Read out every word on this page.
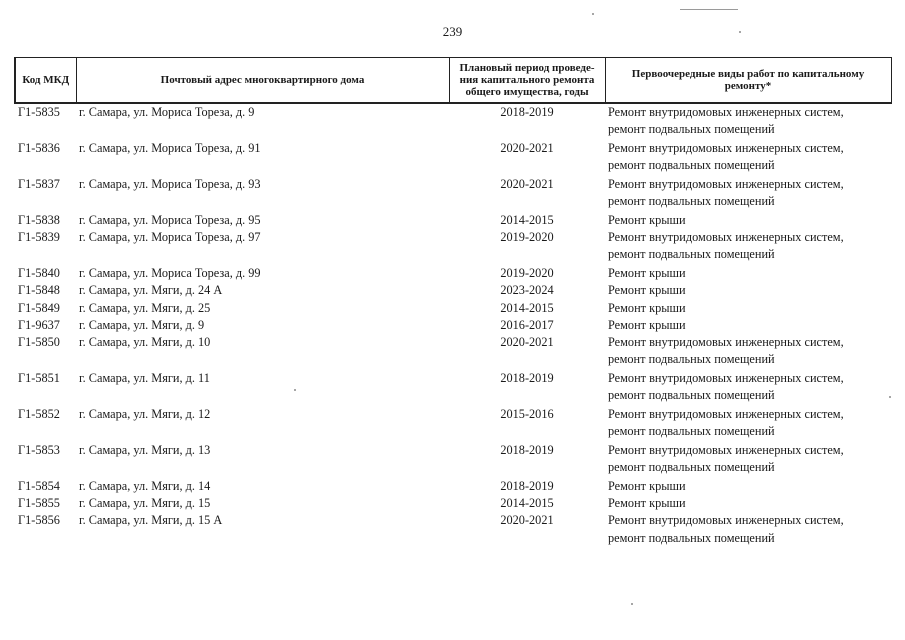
239
Код МКД	Почтовый адрес многоквартирного дома	Плановый период проведе-ния капитального ремонта общего имущества, годы	Первоочередные виды работ по капитальному ремонту*
Г1-5835	г. Самара, ул. Мориса Тореза, д. 9	2018-2019	Ремонт внутридомовых инженерных систем,
ремонт подвальных помещений

Г1-5836	г. Самара, ул. Мориса Тореза, д. 91	2020-2021	Ремонт внутридомовых инженерных систем,
ремонт подвальных помещений

Г1-5837	г. Самара, ул. Мориса Тореза, д. 93	2020-2021	Ремонт внутридомовых инженерных систем,
ремонт подвальных помещений

Г1-5838	г. Самара, ул. Мориса Тореза, д. 95	2014-2015	Ремонт крыши

Г1-5839	г. Самара, ул. Мориса Тореза, д. 97	2019-2020	Ремонт внутридомовых инженерных систем,
ремонт подвальных помещений

Г1-5840	г. Самара, ул. Мориса Тореза, д. 99	2019-2020	Ремонт крыши

Г1-5848	г. Самара, ул. Мяги, д. 24 А	2023-2024	Ремонт крыши

Г1-5849	г. Самара, ул. Мяги, д. 25	2014-2015	Ремонт крыши

Г1-9637	г. Самара, ул. Мяги, д. 9	2016-2017	Ремонт крыши

Г1-5850	г. Самара, ул. Мяги, д. 10	2020-2021	Ремонт внутридомовых инженерных систем,
ремонт подвальных помещений

Г1-5851	г. Самара, ул. Мяги, д. 11	2018-2019	Ремонт внутридомовых инженерных систем,
ремонт подвальных помещений

Г1-5852	г. Самара, ул. Мяги, д. 12	2015-2016	Ремонт внутридомовых инженерных систем,
ремонт подвальных помещений

Г1-5853	г. Самара, ул. Мяги, д. 13	2018-2019	Ремонт внутридомовых инженерных систем,
ремонт подвальных помещений

Г1-5854	г. Самара, ул. Мяги, д. 14	2018-2019	Ремонт крыши

Г1-5855	г. Самара, ул. Мяги, д. 15	2014-2015	Ремонт крыши

Г1-5856	г. Самара, ул. Мяги, д. 15 А	2020-2021	Ремонт внутридомовых инженерных систем,
ремонт подвальных помещений
